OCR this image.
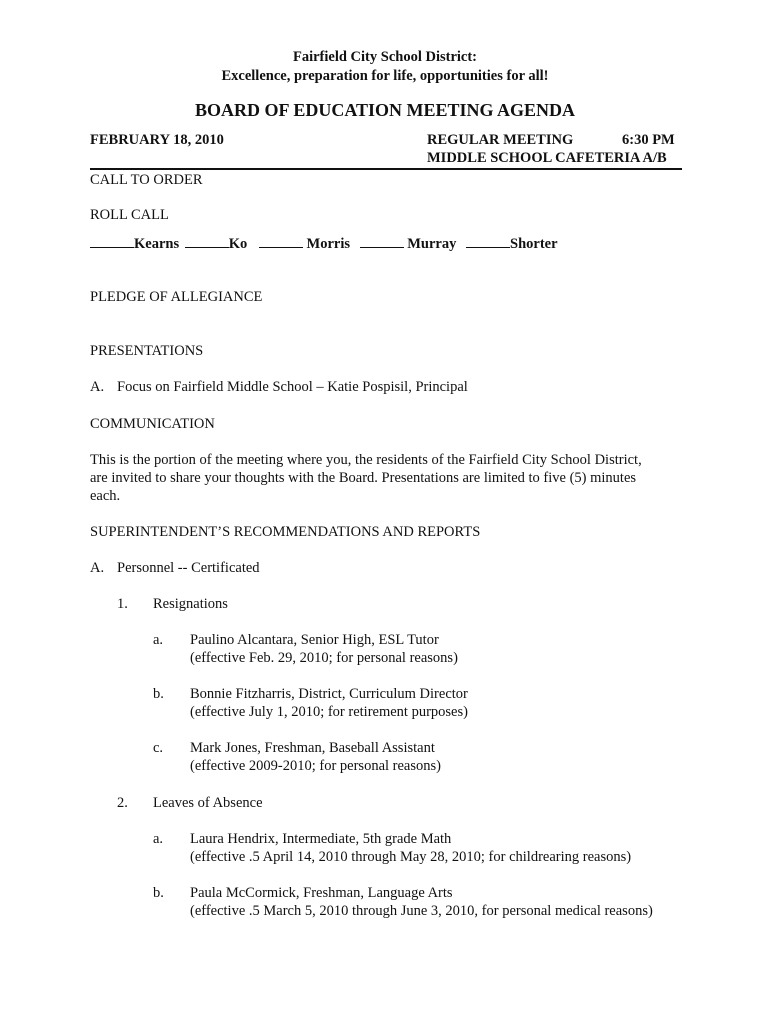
Fairfield City School District:
Excellence, preparation for life, opportunities for all!
BOARD OF EDUCATION MEETING AGENDA
FEBRUARY 18, 2010	REGULAR MEETING	6:30 PM
MIDDLE SCHOOL CAFETERIA A/B
CALL TO ORDER
ROLL CALL
Kearns	Ko	Morris	Murray	Shorter
PLEDGE OF ALLEGIANCE
PRESENTATIONS
A. Focus on Fairfield Middle School – Katie Pospisil, Principal
COMMUNICATION
This is the portion of the meeting where you, the residents of the Fairfield City School District,
are invited to share your thoughts with the Board. Presentations are limited to five (5) minutes
each.
SUPERINTENDENT’S RECOMMENDATIONS AND REPORTS
A. Personnel -- Certificated
1. Resignations
a. Paulino Alcantara, Senior High, ESL Tutor
(effective Feb. 29, 2010; for personal reasons)
b. Bonnie Fitzharris, District, Curriculum Director
(effective July 1, 2010; for retirement purposes)
c. Mark Jones, Freshman, Baseball Assistant
(effective 2009-2010; for personal reasons)
2. Leaves of Absence
a. Laura Hendrix, Intermediate, 5th grade Math
(effective .5 April 14, 2010 through May 28, 2010; for childrearing reasons)
b. Paula McCormick, Freshman, Language Arts
(effective .5 March 5, 2010 through June 3, 2010, for personal medical reasons)
